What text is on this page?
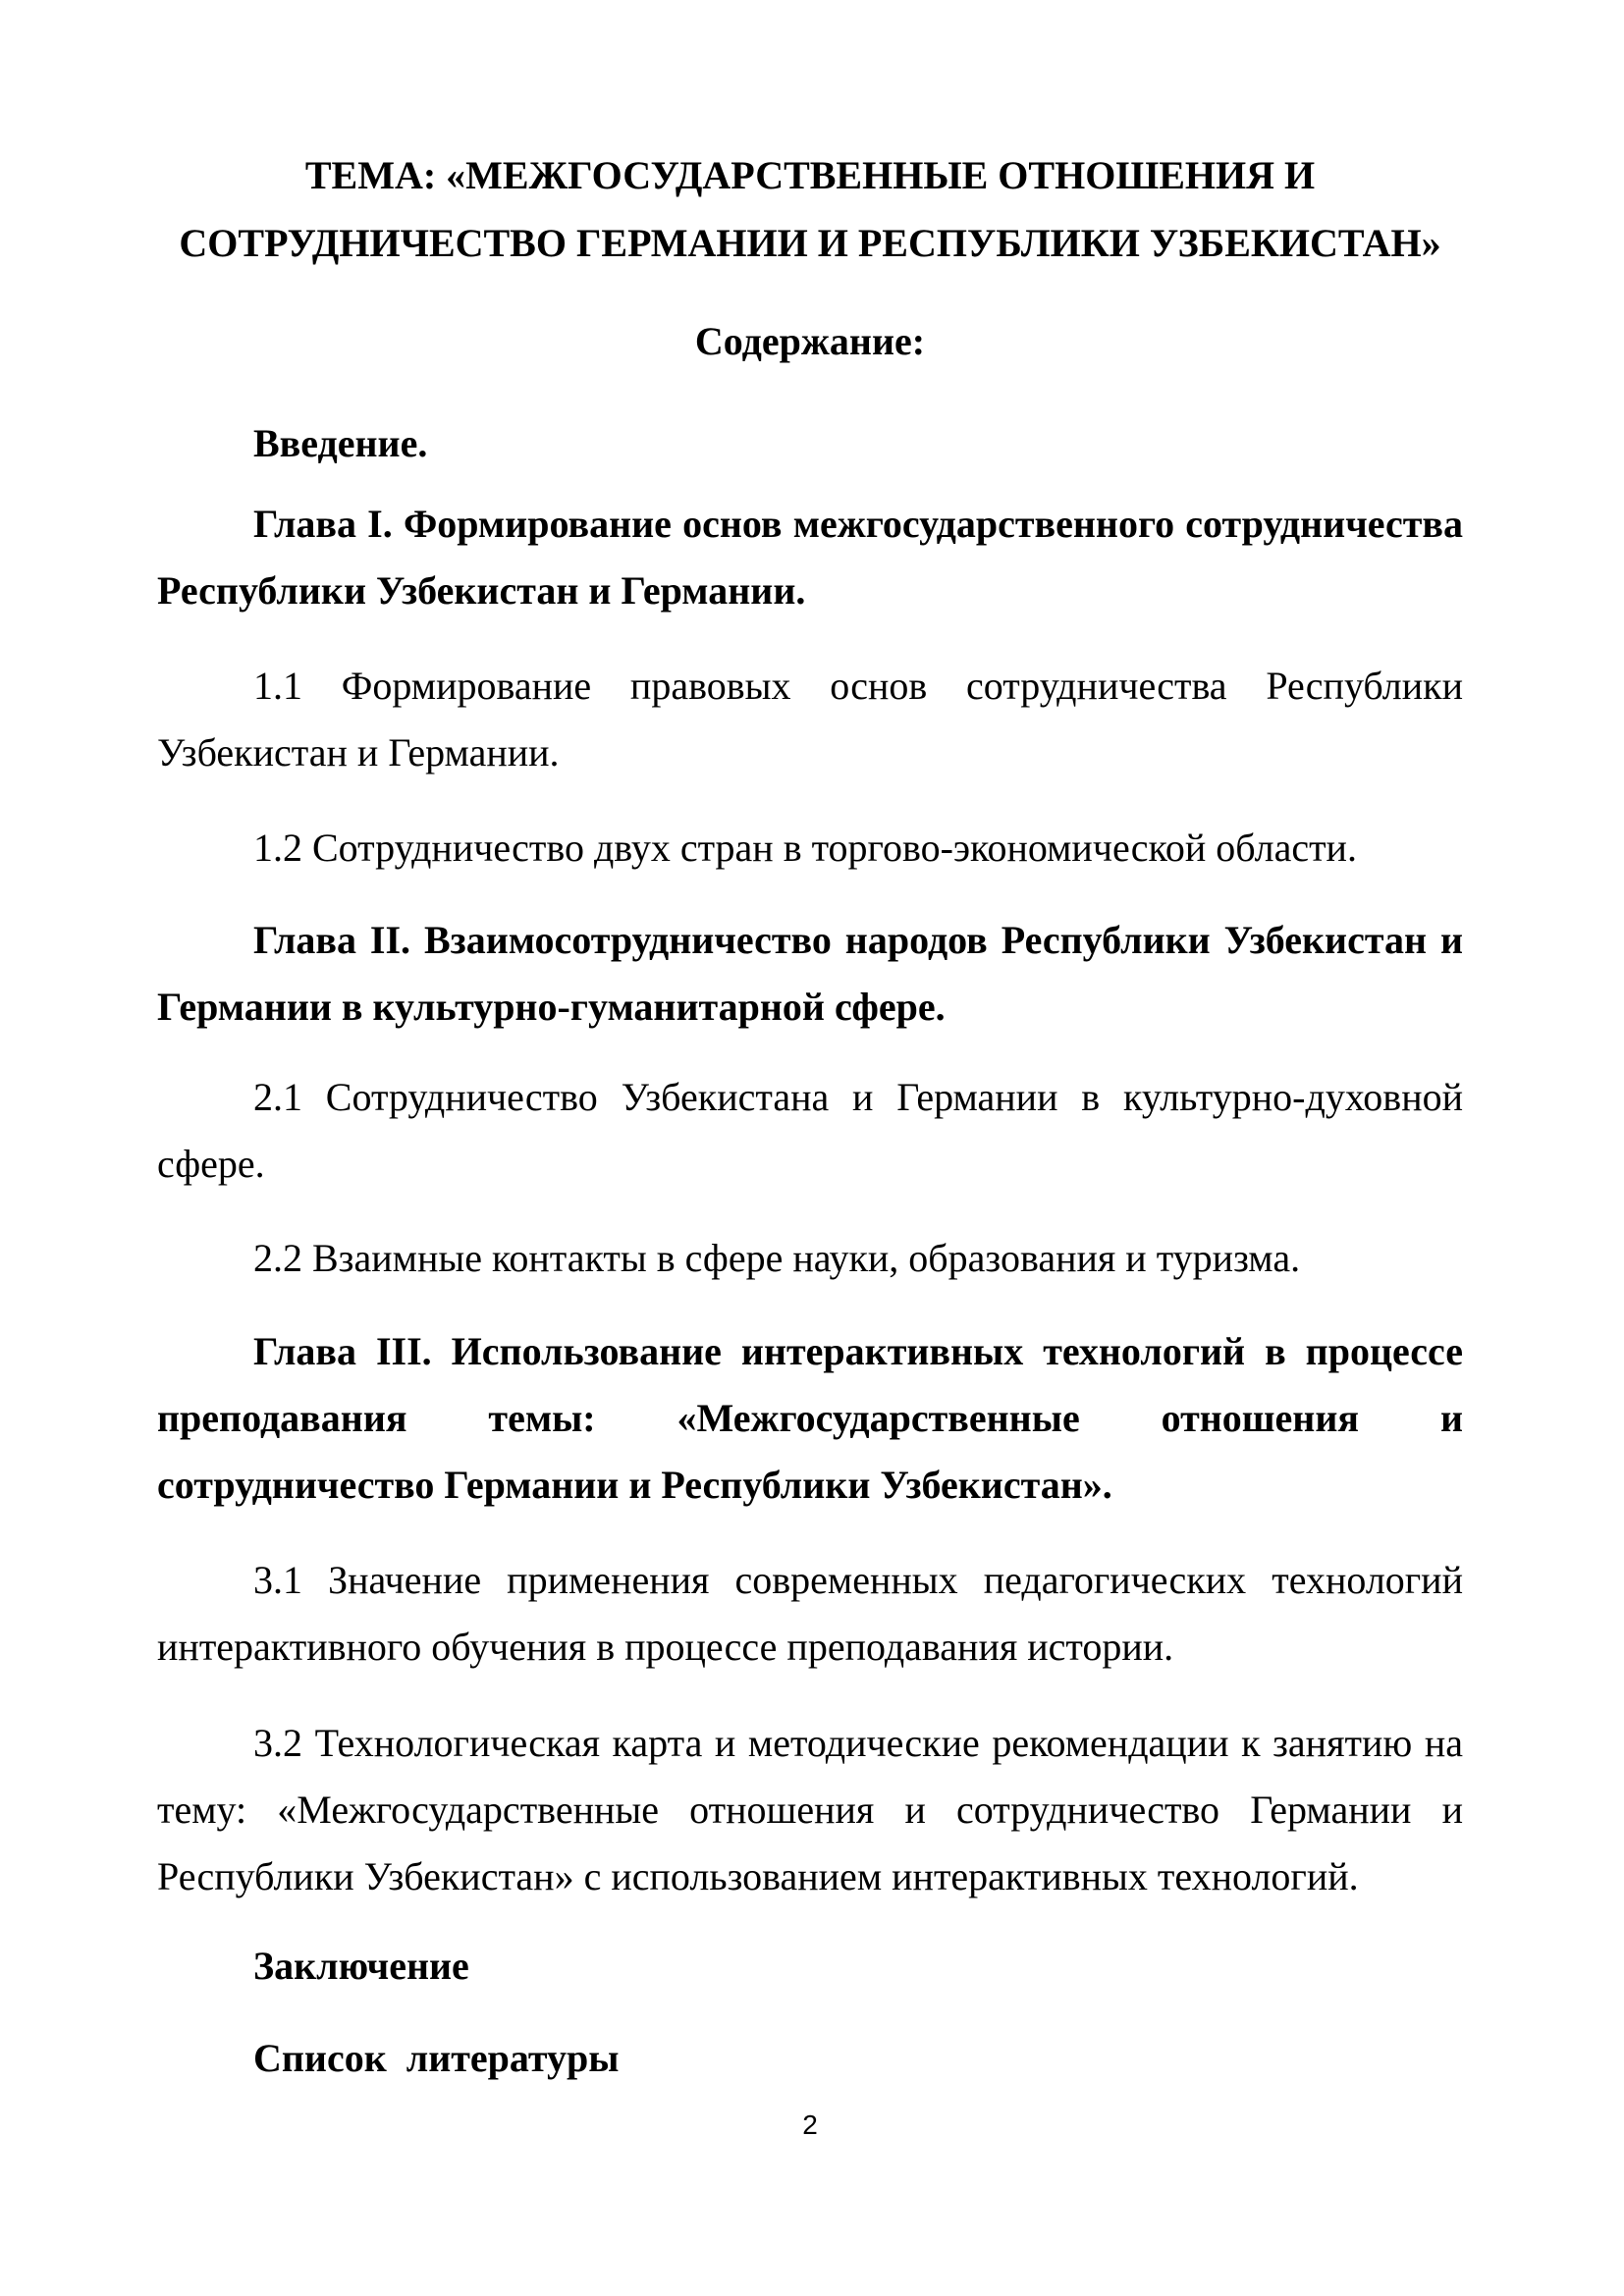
ТЕМА: «МЕЖГОСУДАРСТВЕННЫЕ ОТНОШЕНИЯ И
СОТРУДНИЧЕСТВО ГЕРМАНИИ И РЕСПУБЛИКИ УЗБЕКИСТАН»
Содержание:

Введение.

Глава I. Формирование основ межгосударственного сотрудничества Республики Узбекистан и Германии.

1.1 Формирование правовых основ сотрудничества Республики Узбекистан и Германии.

1.2 Сотрудничество двух стран в торгово-экономической области.

Глава II. Взаимосотрудничество народов Республики Узбекистан и Германии в культурно-гуманитарной сфере.

2.1 Сотрудничество Узбекистана и Германии в культурно-духовной сфере.

2.2 Взаимные контакты в сфере науки, образования и туризма.

Глава III. Использование интерактивных технологий в процессе преподавания темы: «Межгосударственные отношения и сотрудничество Германии и Республики Узбекистан».

3.1 Значение применения современных педагогических технологий интерактивного обучения в процессе преподавания истории.

3.2 Технологическая карта и методические рекомендации к занятию на тему: «Межгосударственные отношения и сотрудничество Германии и Республики Узбекистан» с использованием интерактивных технологий.

Заключение

Список  литературы

2
